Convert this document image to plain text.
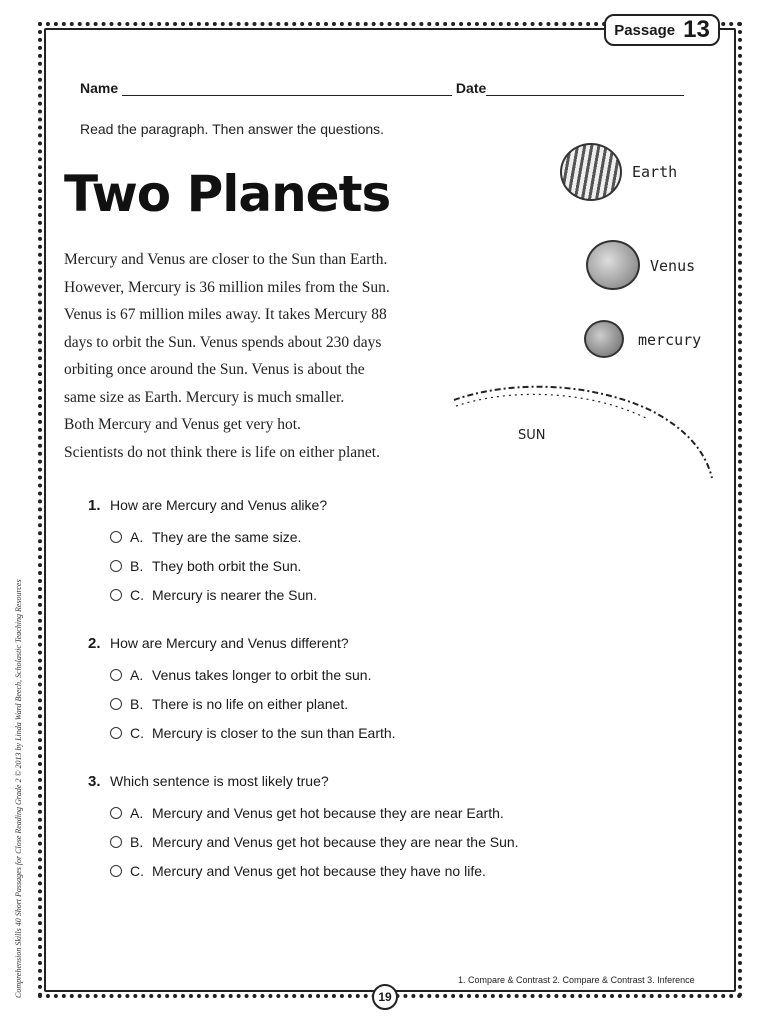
Passage 13
Name	Date
Read the paragraph. Then answer the questions.
Two Planets
Mercury and Venus are closer to the Sun than Earth.
However, Mercury is 36 million miles from the Sun.
Venus is 67 million miles away. It takes Mercury 88
days to orbit the Sun. Venus spends about 230 days
orbiting once around the Sun. Venus is about the
same size as Earth. Mercury is much smaller.
Both Mercury and Venus get very hot.
Scientists do not think there is life on either planet.
Earth
Venus
mercury
SUN
1. How are Mercury and Venus alike?
A. They are the same size.
B. They both orbit the Sun.
C. Mercury is nearer the Sun.
2. How are Mercury and Venus different?
A. Venus takes longer to orbit the sun.
B. There is no life on either planet.
C. Mercury is closer to the sun than Earth.
3. Which sentence is most likely true?
A. Mercury and Venus get hot because they are near Earth.
B. Mercury and Venus get hot because they are near the Sun.
C. Mercury and Venus get hot because they have no life.
Comprehension Skills 40 Short Passages for Close Reading Grade 2 © 2013 by Linda Ward Beech, Scholastic Teaching Resources	1. Compare & Contrast 2. Compare & Contrast 3. Inference
19
